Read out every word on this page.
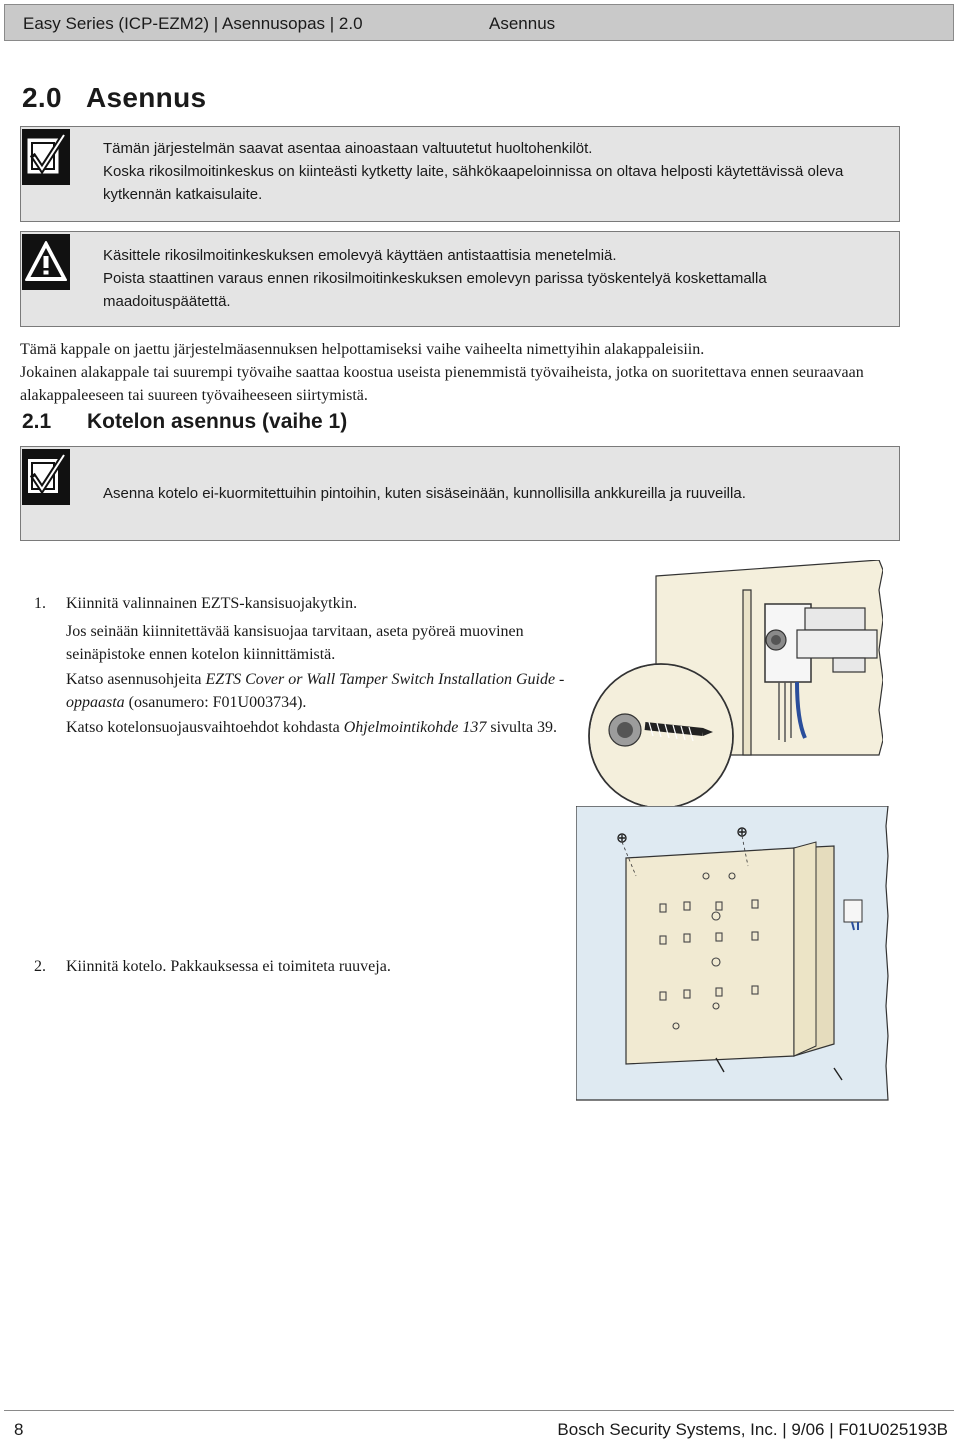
Easy Series (ICP-EZM2) | Asennusopas | 2.0	Asennus
2.0 Asennus

Tämän järjestelmän saavat asentaa ainoastaan valtuutetut huoltohenkilöt.

Koska rikosilmoitinkeskus on kiinteästi kytketty laite, sähkökaapeloinnissa on oltava helposti käytettävissä oleva kytkennän katkaisulaite.

Käsittele rikosilmoitinkeskuksen emolevyä käyttäen antistaattisia menetelmiä.

Poista staattinen varaus ennen rikosilmoitinkeskuksen emolevyn parissa työskentelyä koskettamalla maadoituspäätettä.

Tämä kappale on jaettu järjestelmäasennuksen helpottamiseksi vaihe vaiheelta nimettyihin alakappaleisiin.

Jokainen alakappale tai suurempi työvaihe saattaa koostua useista pienemmistä työvaiheista, jotka on suoritettava ennen seuraavaan alakappaleeseen tai suureen työvaiheeseen siirtymistä.

2.1 Kotelon asennus (vaihe 1)

Asenna kotelo ei-kuormitettuihin pintoihin, kuten sisäseinään, kunnollisilla ankkureilla ja ruuveilla.

1. Kiinnitä valinnainen EZTS-kansisuojakytkin.

Jos seinään kiinnitettävää kansisuojaa tarvitaan, aseta pyöreä muovinen seinäpistoke ennen kotelon kiinnittämistä.

Katso asennusohjeita EZTS Cover or Wall Tamper Switch Installation Guide -oppaasta (osanumero: F01U003734).

Katso kotelonsuojausvaihtoehdot kohdasta Ohjelmointikohde 137 sivulta 39.

2. Kiinnitä kotelo. Pakkauksessa ei toimiteta ruuveja.

8	Bosch Security Systems, Inc. | 9/06 | F01U025193B
